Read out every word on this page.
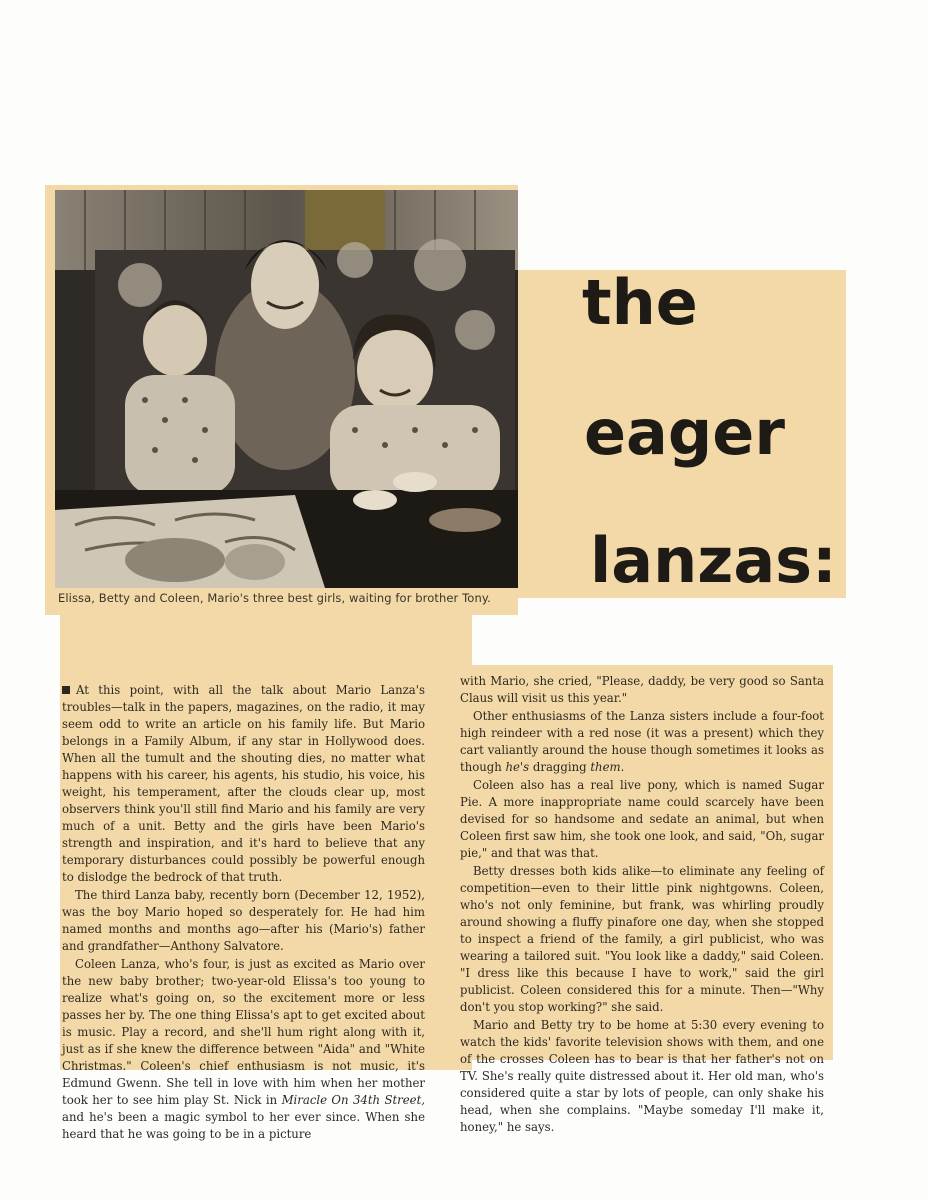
Elissa, Betty and Coleen, Mario's three best girls, waiting for brother Tony.
the
eager
lanzas:

At this point, with all the talk about Mario Lanza's troubles—talk in the papers, magazines, on the radio, it may seem odd to write an article on his family life. But Mario belongs in a Family Album, if any star in Hollywood does. When all the tumult and the shouting dies, no matter what happens with his career, his agents, his studio, his voice, his weight, his temperament, after the clouds clear up, most observers think you'll still find Mario and his family are very much of a unit. Betty and the girls have been Mario's strength and inspiration, and it's hard to believe that any temporary disturbances could possibly be powerful enough to dislodge the bedrock of that truth.

The third Lanza baby, recently born (December 12, 1952), was the boy Mario hoped so desperately for. He had him named months and months ago—after his (Mario's) father and grandfather—Anthony Salvatore.

Coleen Lanza, who's four, is just as excited as Mario over the new baby brother; two-year-old Elissa's too young to realize what's going on, so the excitement more or less passes her by. The one thing Elissa's apt to get excited about is music. Play a record, and she'll hum right along with it, just as if she knew the difference between "Aida" and "White Christmas." Coleen's chief enthusiasm is not music, it's Edmund Gwenn. She tell in love with him when her mother took her to see him play St. Nick in Miracle On 34th Street, and he's been a magic symbol to her ever since. When she heard that he was going to be in a picture

with Mario, she cried, "Please, daddy, be very good so Santa Claus will visit us this year."

Other enthusiasms of the Lanza sisters include a four-foot high reindeer with a red nose (it was a present) which they cart valiantly around the house though sometimes it looks as though he's dragging them.

Coleen also has a real live pony, which is named Sugar Pie. A more inappropriate name could scarcely have been devised for so handsome and sedate an animal, but when Coleen first saw him, she took one look, and said, "Oh, sugar pie," and that was that.

Betty dresses both kids alike—to eliminate any feeling of competition—even to their little pink nightgowns. Coleen, who's not only feminine, but frank, was whirling proudly around showing a fluffy pinafore one day, when she stopped to inspect a friend of the family, a girl publicist, who was wearing a tailored suit. "You look like a daddy," said Coleen. "I dress like this because I have to work," said the girl publicist. Coleen considered this for a minute. Then—"Why don't you stop working?" she said.

Mario and Betty try to be home at 5:30 every evening to watch the kids' favorite television shows with them, and one of the crosses Coleen has to bear is that her father's not on TV. She's really quite distressed about it. Her old man, who's considered quite a star by lots of people, can only shake his head, when she complains. "Maybe someday I'll make it, honey," he says.
